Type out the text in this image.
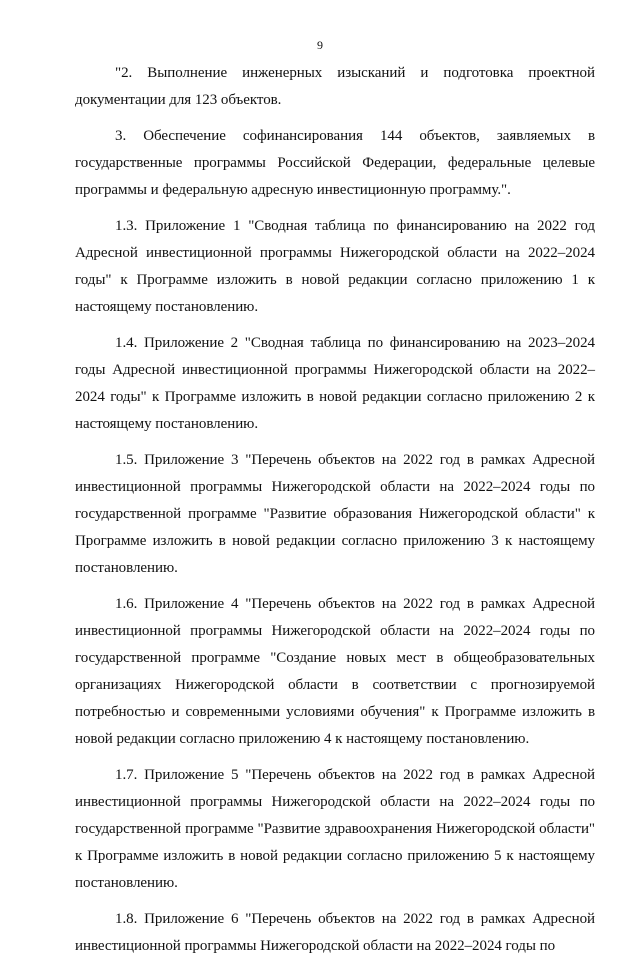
9

"2. Выполнение инженерных изысканий и подготовка проектной документации для 123 объектов.

3. Обеспечение софинансирования 144 объектов, заявляемых в государственные программы Российской Федерации, федеральные целевые программы и федеральную адресную инвестиционную программу.".

1.3. Приложение 1 "Сводная таблица по финансированию на 2022 год Адресной инвестиционной программы Нижегородской области на 2022–2024 годы" к Программе изложить в новой редакции согласно приложению 1 к настоящему постановлению.

1.4. Приложение 2 "Сводная таблица по финансированию на 2023–2024 годы Адресной инвестиционной программы Нижегородской области на 2022–2024 годы" к Программе изложить в новой редакции согласно приложению 2 к настоящему постановлению.

1.5. Приложение 3 "Перечень объектов на 2022 год в рамках Адресной инвестиционной программы Нижегородской области на 2022–2024 годы по государственной программе "Развитие образования Нижегородской области" к Программе изложить в новой редакции согласно приложению 3 к настоящему постановлению.

1.6. Приложение 4 "Перечень объектов на 2022 год в рамках Адресной инвестиционной программы Нижегородской области на 2022–2024 годы по государственной программе "Создание новых мест в общеобразовательных организациях Нижегородской области в соответствии с прогнозируемой потребностью и современными условиями обучения" к Программе изложить в новой редакции согласно приложению 4 к настоящему постановлению.

1.7. Приложение 5 "Перечень объектов на 2022 год в рамках Адресной инвестиционной программы Нижегородской области на 2022–2024 годы по государственной программе "Развитие здравоохранения Нижегородской области" к Программе изложить в новой редакции согласно приложению 5 к настоящему постановлению.

1.8. Приложение 6 "Перечень объектов на 2022 год в рамках Адресной инвестиционной программы Нижегородской области на 2022–2024 годы по
